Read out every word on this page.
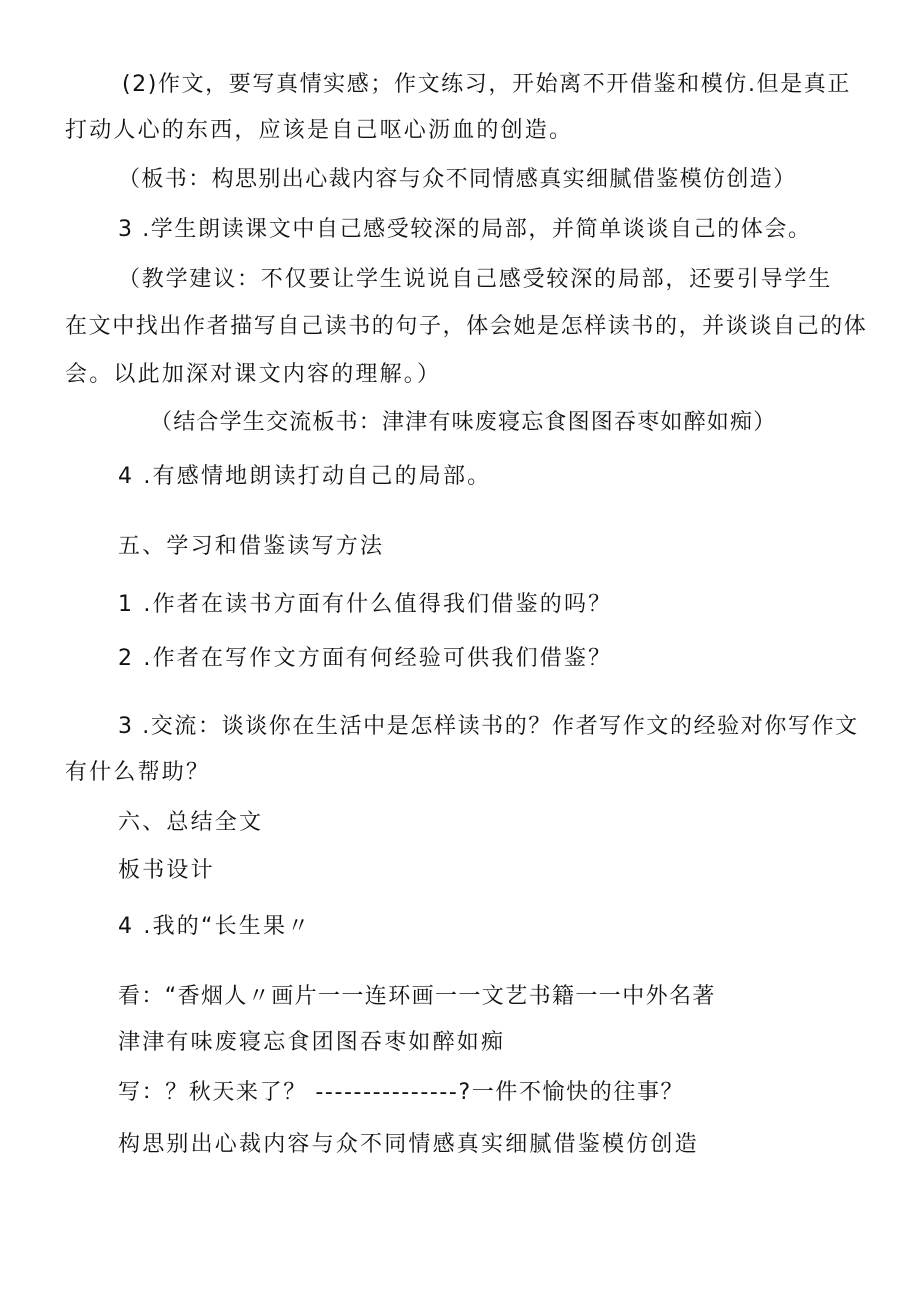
(2)作文，要写真情实感；作文练习，开始离不开借鉴和模仿.但是真正
打动人心的东西，应该是自己呕心沥血的创造。
（板书：构思别出心裁内容与众不同情感真实细腻借鉴模仿创造）
3 .学生朗读课文中自己感受较深的局部，并简单谈谈自己的体会。
（教学建议：不仅要让学生说说自己感受较深的局部，还要引导学生
在文中找出作者描写自己读书的句子，体会她是怎样读书的，并谈谈自己的体
会。以此加深对课文内容的理解。）
（结合学生交流板书：津津有味废寝忘食图图吞枣如醉如痴）
4 .有感情地朗读打动自己的局部。
五、学习和借鉴读写方法
1 .作者在读书方面有什么值得我们借鉴的吗？
2 .作者在写作文方面有何经验可供我们借鉴？
3 .交流：谈谈你在生活中是怎样读书的？作者写作文的经验对你写作文
有什么帮助？
六、总结全文
板书设计
4 .我的“长生果〃
看：“香烟人〃画片一一连环画一一文艺书籍一一中外名著
津津有味废寝忘食团图吞枣如醉如痴
写：？秋天来了？ ---------------?一件不愉快的往事？
构思别出心裁内容与众不同情感真实细腻借鉴模仿创造
